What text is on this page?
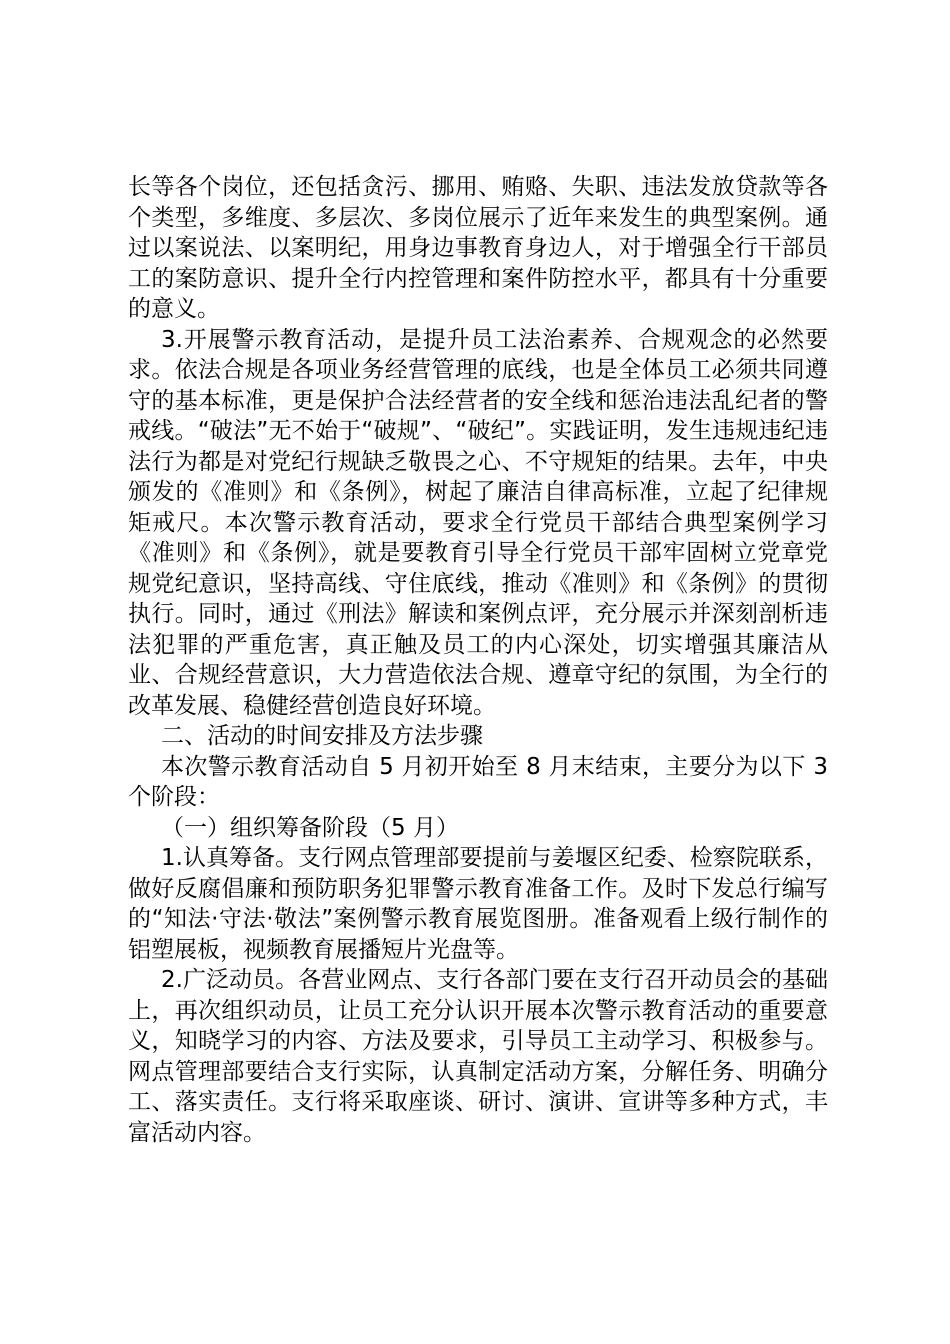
长等各个岗位，还包括贪污、挪用、贿赂、失职、违法发放贷款等各个类型，多维度、多层次、多岗位展示了近年来发生的典型案例。通过以案说法、以案明纪，用身边事教育身边人，对于增强全行干部员工的案防意识、提升全行内控管理和案件防控水平，都具有十分重要的意义。

3.开展警示教育活动，是提升员工法治素养、合规观念的必然要求。依法合规是各项业务经营管理的底线，也是全体员工必须共同遵守的基本标准，更是保护合法经营者的安全线和惩治违法乱纪者的警戒线。“破法”无不始于“破规”、“破纪”。实践证明，发生违规违纪违法行为都是对党纪行规缺乏敬畏之心、不守规矩的结果。去年，中央颁发的《准则》和《条例》，树起了廉洁自律高标准，立起了纪律规矩戒尺。本次警示教育活动，要求全行党员干部结合典型案例学习《准则》和《条例》，就是要教育引导全行党员干部牢固树立党章党规党纪意识，坚持高线、守住底线，推动《准则》和《条例》的贯彻执行。同时，通过《刑法》解读和案例点评，充分展示并深刻剖析违法犯罪的严重危害，真正触及员工的内心深处，切实增强其廉洁从业、合规经营意识，大力营造依法合规、遵章守纪的氛围，为全行的改革发展、稳健经营创造良好环境。

二、活动的时间安排及方法步骤

本次警示教育活动自 5 月初开始至 8 月末结束，主要分为以下 3 个阶段：

（一）组织筹备阶段（5 月）

1.认真筹备。支行网点管理部要提前与姜堰区纪委、检察院联系，做好反腐倡廉和预防职务犯罪警示教育准备工作。及时下发总行编写的“知法·守法·敬法”案例警示教育展览图册。准备观看上级行制作的铝塑展板，视频教育展播短片光盘等。

2.广泛动员。各营业网点、支行各部门要在支行召开动员会的基础上，再次组织动员，让员工充分认识开展本次警示教育活动的重要意义，知晓学习的内容、方法及要求，引导员工主动学习、积极参与。网点管理部要结合支行实际，认真制定活动方案，分解任务、明确分工、落实责任。支行将采取座谈、研讨、演讲、宣讲等多种方式，丰富活动内容。
